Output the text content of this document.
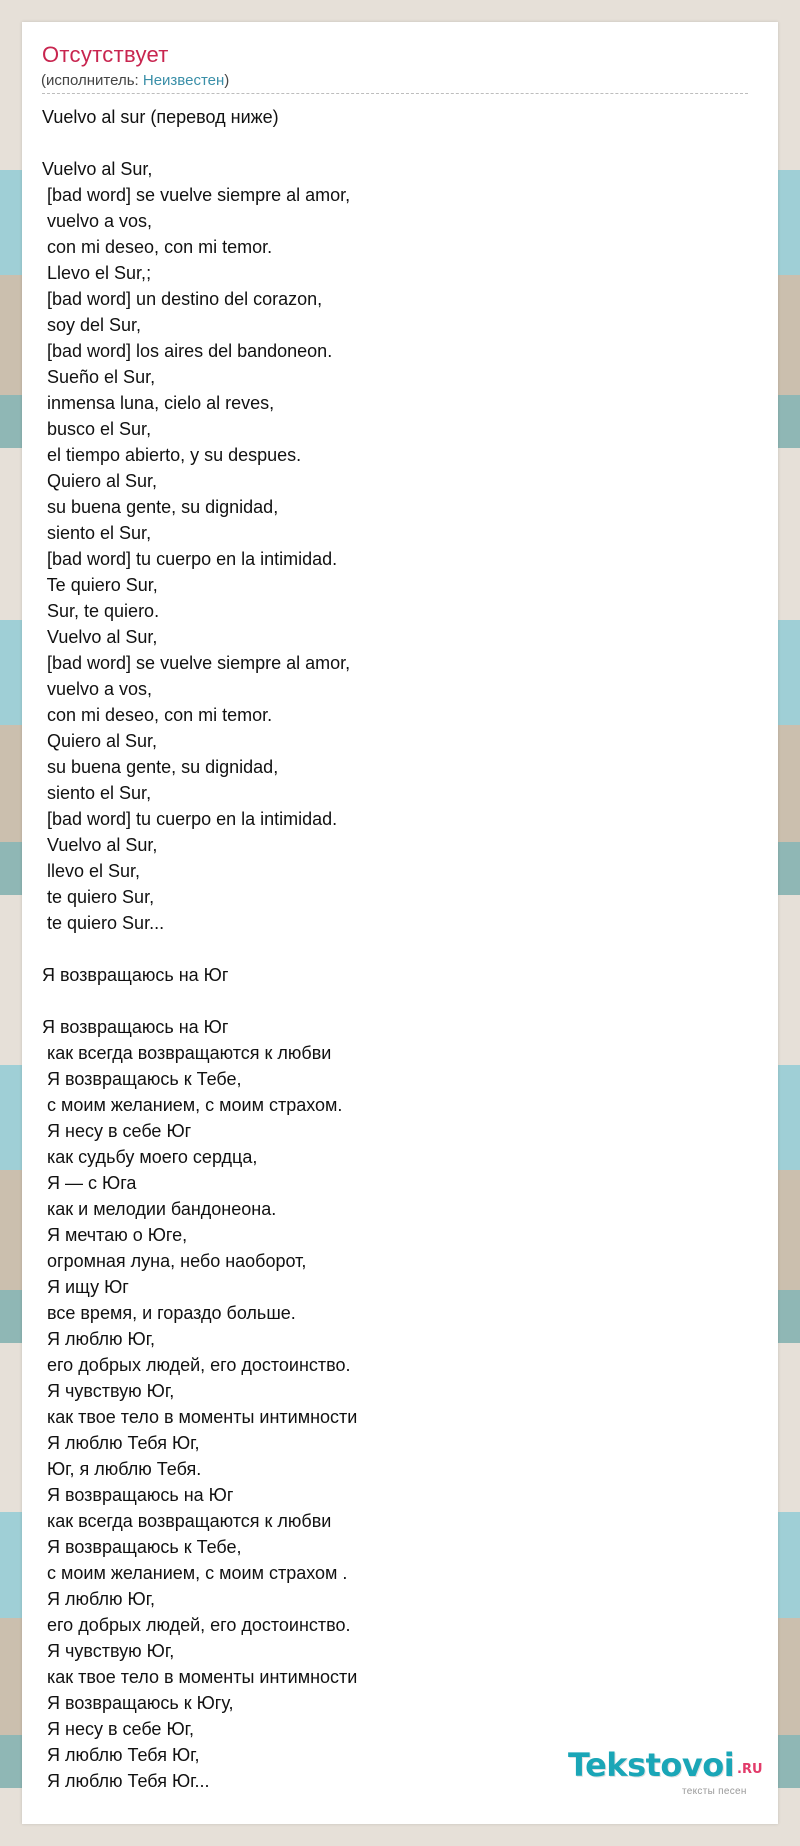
Отсутствует
(исполнитель: Неизвестен)
Vuelvo al sur (перевод ниже)
Vuelvo al Sur,
[bad word] se vuelve siempre al amor,
vuelvo a vos,
con mi deseo, con mi temor.
Llevo el Sur,;
[bad word] un destino del corazon,
soy del Sur,
[bad word] los aires del bandoneon.
Sueño el Sur,
inmensa luna, cielo al reves,
busco el Sur,
el tiempo abierto, y su despues.
Quiero al Sur,
su buena gente, su dignidad,
siento el Sur,
[bad word] tu cuerpo en la intimidad.
Te quiero Sur,
Sur, te quiero.
Vuelvo al Sur,
[bad word] se vuelve siempre al amor,
vuelvo a vos,
con mi deseo, con mi temor.
Quiero al Sur,
su buena gente, su dignidad,
siento el Sur,
[bad word] tu cuerpo en la intimidad.
Vuelvo al Sur,
llevo el Sur,
te quiero Sur,
te quiero Sur...
Я возвращаюсь на Юг
Я возвращаюсь на Юг
как всегда возвращаются к любви
Я возвращаюсь к Тебе,
с моим желанием, с моим страхом.
Я несу в себе Юг
как судьбу моего сердца,
Я — с Юга
как и мелодии бандонеона.
Я мечтаю о Юге,
огромная луна, небо наоборот,
Я ищу Юг
все время, и гораздо больше.
Я люблю Юг,
его добрых людей, его достоинство.
Я чувствую Юг,
как твое тело в моменты интимности
Я люблю Тебя Юг,
Юг, я люблю Тебя.
Я возвращаюсь на Юг
как всегда возвращаются к любви
Я возвращаюсь к Тебе,
с моим желанием, с моим страхом .
Я люблю Юг,
его добрых людей, его достоинство.
Я чувствую Юг,
как твое тело в моменты интимности
Я возвращаюсь к Югу,
Я несу в себе Юг,
Я люблю Тебя Юг,
Я люблю Тебя Юг...	Tekstovoi .RU
тексты песен
